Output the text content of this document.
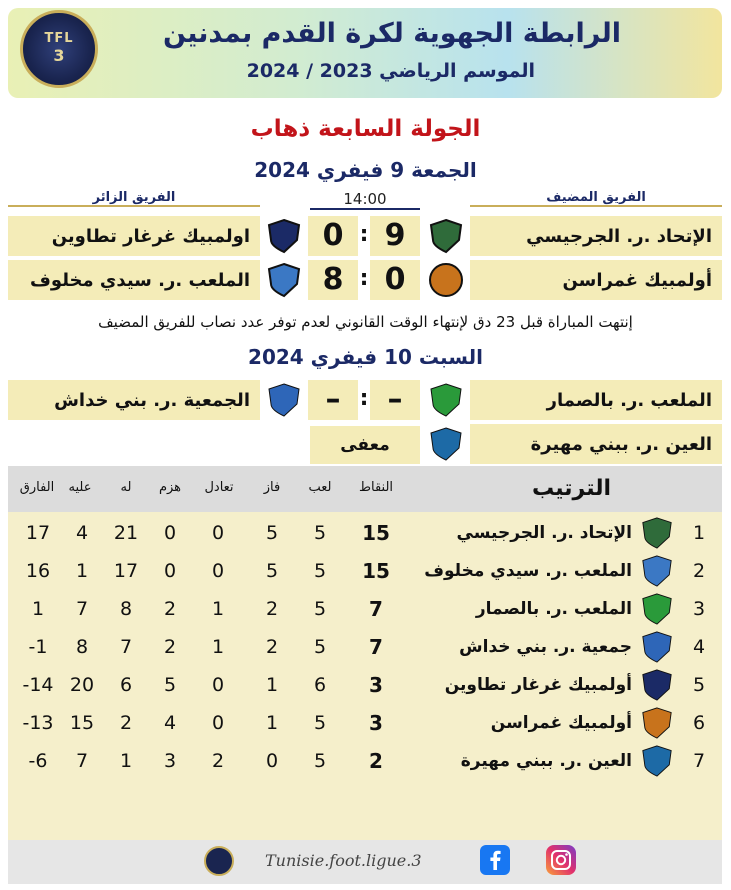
TFL
3
الرابطة الجهوية لكرة القدم بمدنين
الموسم الرياضي 2023 / 2024
الجولة السابعة ذهاب
الجمعة 9 فيفري 2024
الفريق المضيف
الفريق الزائر	14:00
الإتحاد .ر. الجرجيسي
9
:
0
اولمبيك غرغار تطاوين
أولمبيك غمراسن
0
:
8
الملعب .ر. سيدي مخلوف
إنتهت المباراة قبل 23 دق لإنتهاء الوقت القانوني لعدم توفر عدد نصاب للفريق المضيف
السبت 10 فيفري 2024
الملعب .ر. بالصمار
–
:
–
الجمعية .ر. بني خداش
العين .ر. ببني مهيرة
معفى
الترتيب
النقاط
لعب
فاز
تعادل
هزم
له
عليه
الفارق
1
الإتحاد .ر. الجرجيسي
15
5
5
0
0
21
4
17
2
الملعب .ر. سيدي مخلوف
15
5
5
0
0
17
1
16
3
الملعب .ر. بالصمار
7
5
2
1
2
8
7
1
4
جمعية .ر. بني خداش
7
5
2
1
2
7
8
-1
5
أولمبيك غرغار تطاوين
3
6
1
0
5
6
20
-14
6
أولمبيك غمراسن
3
5
1
0
4
2
15
-13
7
العين .ر. ببني مهيرة
2
5
0
2
3
1
7
-6
Tunisie.foot.ligue.3
